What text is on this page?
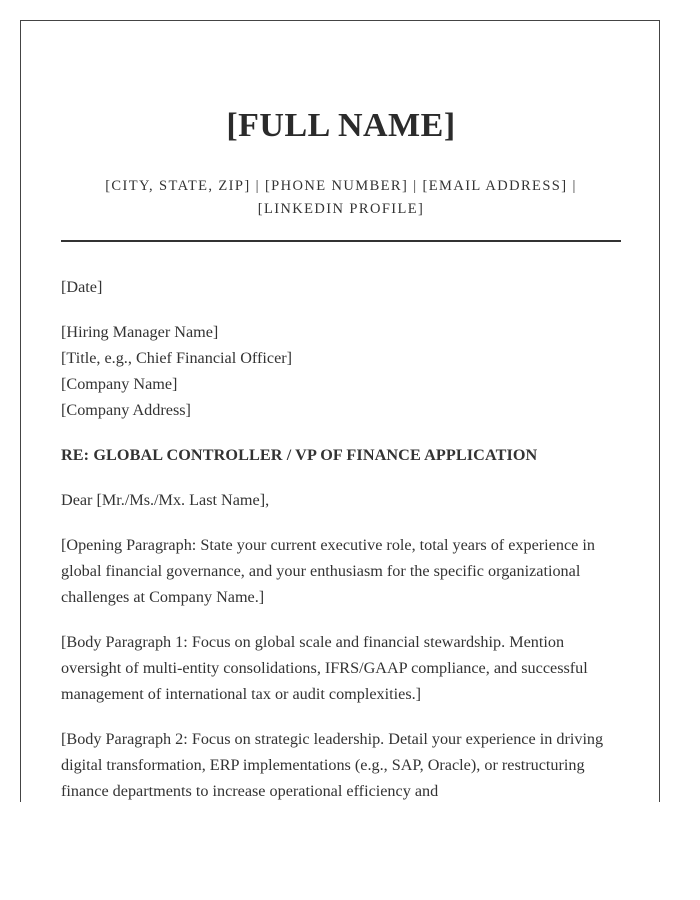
[FULL NAME]
[CITY, STATE, ZIP] | [PHONE NUMBER] | [EMAIL ADDRESS] |
[LINKEDIN PROFILE]

[Date]

[Hiring Manager Name]
[Title, e.g., Chief Financial Officer]
[Company Name]
[Company Address]

RE: GLOBAL CONTROLLER / VP OF FINANCE APPLICATION

Dear [Mr./Ms./Mx. Last Name],

[Opening Paragraph: State your current executive role, total years of experience in global financial governance, and your enthusiasm for the specific organizational challenges at Company Name.]

[Body Paragraph 1: Focus on global scale and financial stewardship. Mention oversight of multi-entity consolidations, IFRS/GAAP compliance, and successful management of international tax or audit complexities.]

[Body Paragraph 2: Focus on strategic leadership. Detail your experience in driving digital transformation, ERP implementations (e.g., SAP, Oracle), or restructuring finance departments to increase operational efficiency and
